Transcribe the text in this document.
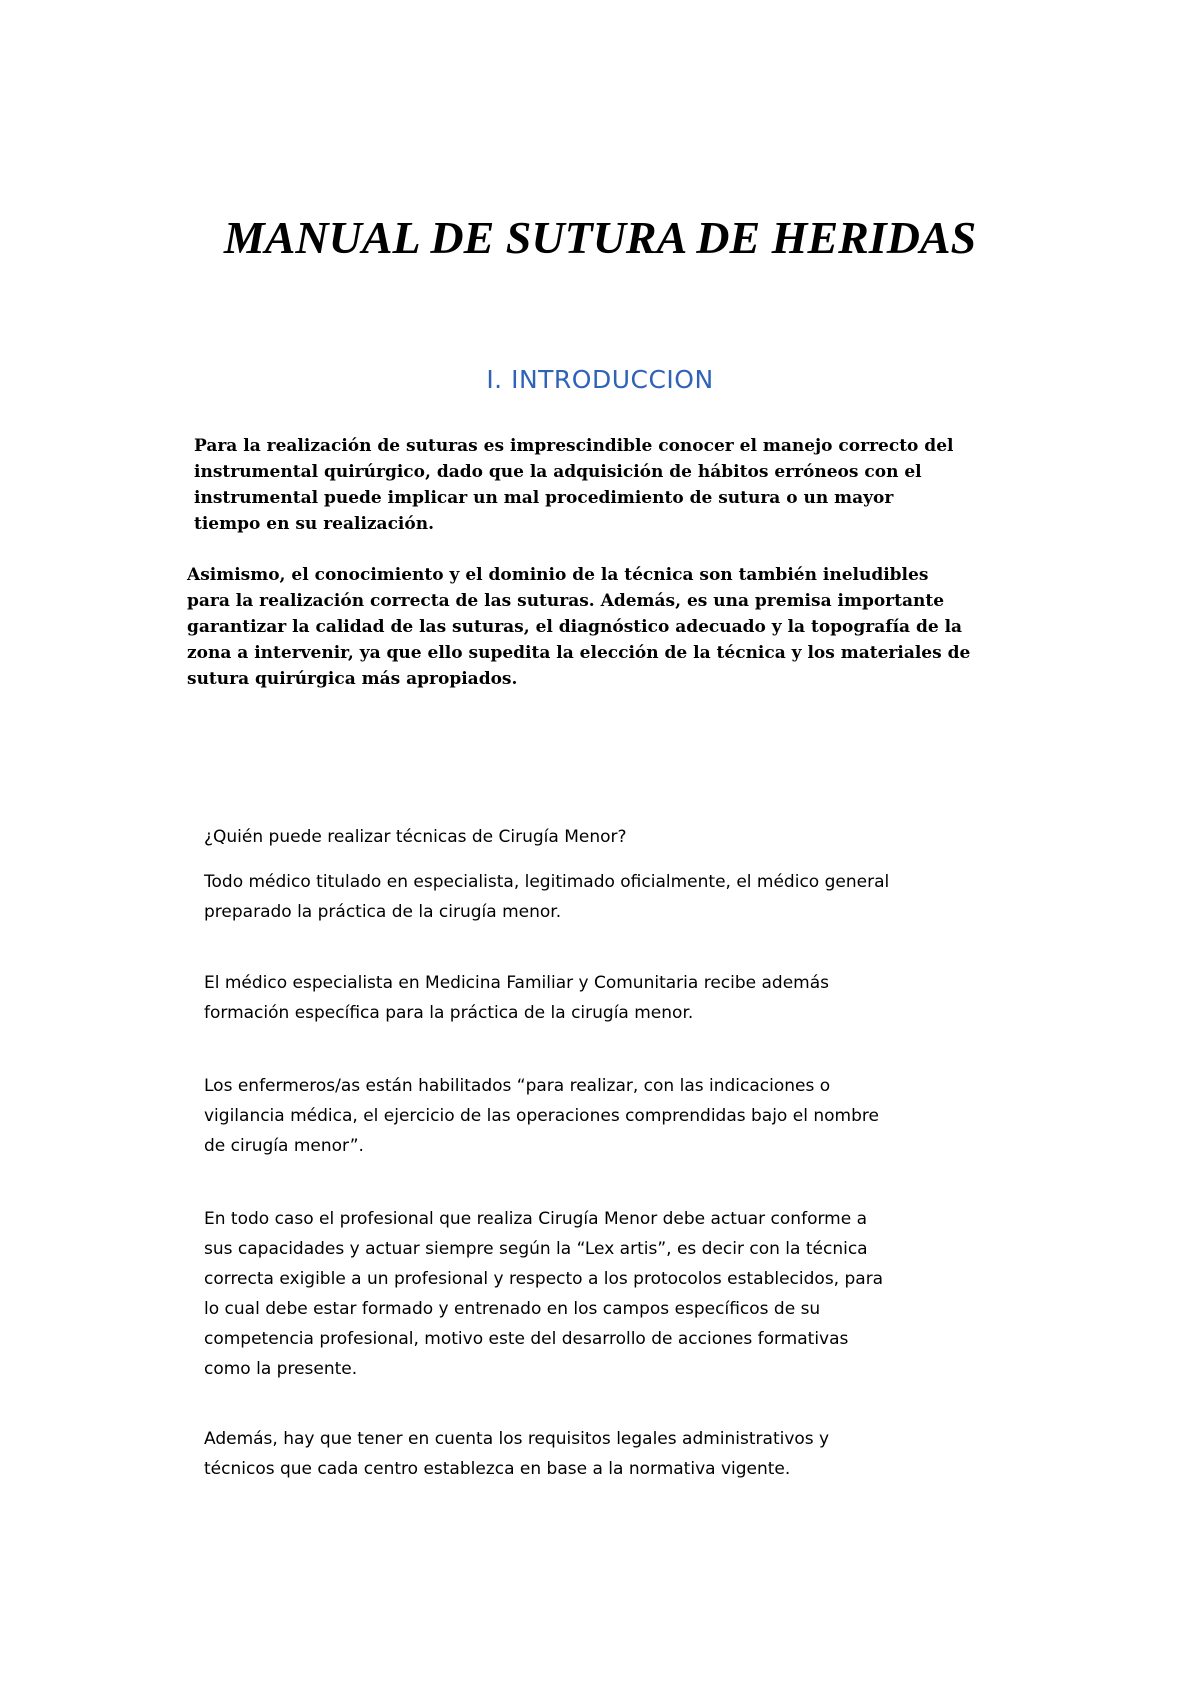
MANUAL DE SUTURA DE HERIDAS
I. INTRODUCCION

Para la realización de suturas es imprescindible conocer el manejo correcto del
instrumental quirúrgico, dado que la adquisición de hábitos erróneos con el
instrumental puede implicar un mal procedimiento de sutura o un mayor
tiempo en su realización.

Asimismo, el conocimiento y el dominio de la técnica son también ineludibles
para la realización correcta de las suturas. Además, es una premisa importante
garantizar la calidad de las suturas, el diagnóstico adecuado y la topografía de la
zona a intervenir, ya que ello supedita la elección de la técnica y los materiales de
sutura quirúrgica más apropiados.

¿Quién puede realizar técnicas de Cirugía Menor?

Todo médico titulado en especialista, legitimado oficialmente, el médico general
preparado la práctica de la cirugía menor.

El médico especialista en Medicina Familiar y Comunitaria recibe además
formación específica para la práctica de la cirugía menor.

Los enfermeros/as están habilitados “para realizar, con las indicaciones o
vigilancia médica, el ejercicio de las operaciones comprendidas bajo el nombre
de cirugía menor”.

En todo caso el profesional que realiza Cirugía Menor debe actuar conforme a
sus capacidades y actuar siempre según la “Lex artis”, es decir con la técnica
correcta exigible a un profesional y respecto a los protocolos establecidos, para
lo cual debe estar formado y entrenado en los campos específicos de su
competencia profesional, motivo este del desarrollo de acciones formativas
como la presente.

Además, hay que tener en cuenta los requisitos legales administrativos y
técnicos que cada centro establezca en base a la normativa vigente.
